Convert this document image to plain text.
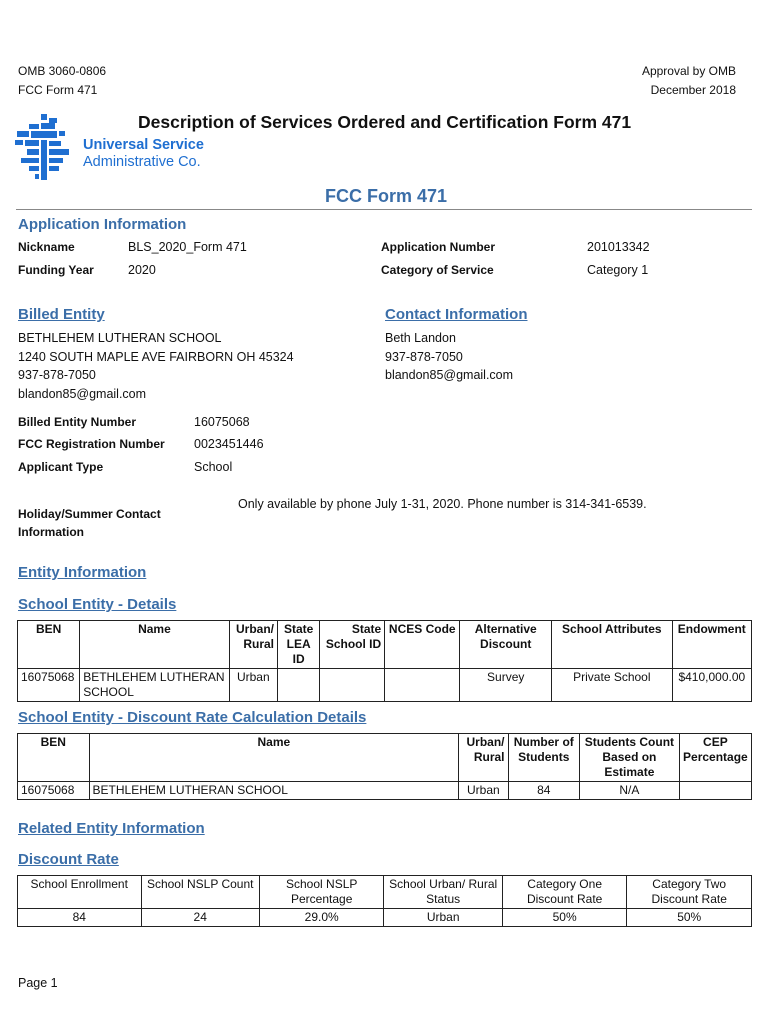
OMB 3060-0806
FCC Form 471
Approval by OMB
December 2018
Universal Service
Administrative Co.
Description of Services Ordered and Certification Form 471
FCC Form 471
Application Information
Nickname	BLS_2020_Form 471
Funding Year	2020
Application Number	201013342
Category of Service	Category 1
Billed Entity
BETHLEHEM LUTHERAN SCHOOL
1240 SOUTH MAPLE AVE FAIRBORN OH 45324
937-878-7050
blandon85@gmail.com
Contact Information
Beth Landon
937-878-7050
blandon85@gmail.com
Billed Entity Number	16075068
FCC Registration Number 0023451446
Applicant Type	School
Holiday/Summer Contact
Information
Only available by phone July 1-31, 2020. Phone number is 314-341-6539.
Entity Information
School Entity - Details
BEN	Name	Urban/ Rural	State LEA ID	State School ID	NCES Code	Alternative Discount	School Attributes	Endowment
16075068	BETHLEHEM LUTHERAN SCHOOL	Urban				Survey	Private School	$410,000.00
School Entity - Discount Rate Calculation Details
BEN	Name	Urban/ Rural	Number of Students	Students Count Based on Estimate	CEP Percentage
16075068	BETHLEHEM LUTHERAN SCHOOL	Urban	84	N/A	
Related Entity Information
Discount Rate
School Enrollment	School NSLP Count	School NSLP Percentage	School Urban/ Rural Status	Category One Discount Rate	Category Two Discount Rate
84	24	29.0%	Urban	50%	50%
Page 1
